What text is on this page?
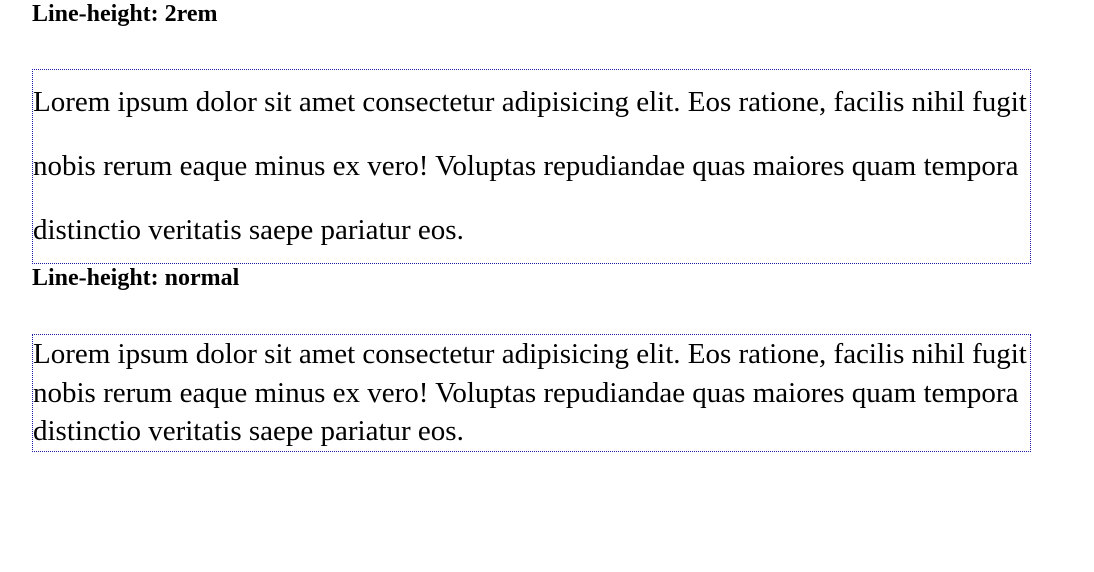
Line-height: 2rem

Lorem ipsum dolor sit amet consectetur adipisicing elit. Eos ratione, facilis nihil fugit nobis rerum eaque minus ex vero! Voluptas repudiandae quas maiores quam tempora distinctio veritatis saepe pariatur eos.

Line-height: normal

Lorem ipsum dolor sit amet consectetur adipisicing elit. Eos ratione, facilis nihil fugit nobis rerum eaque minus ex vero! Voluptas repudiandae quas maiores quam tempora distinctio veritatis saepe pariatur eos.
